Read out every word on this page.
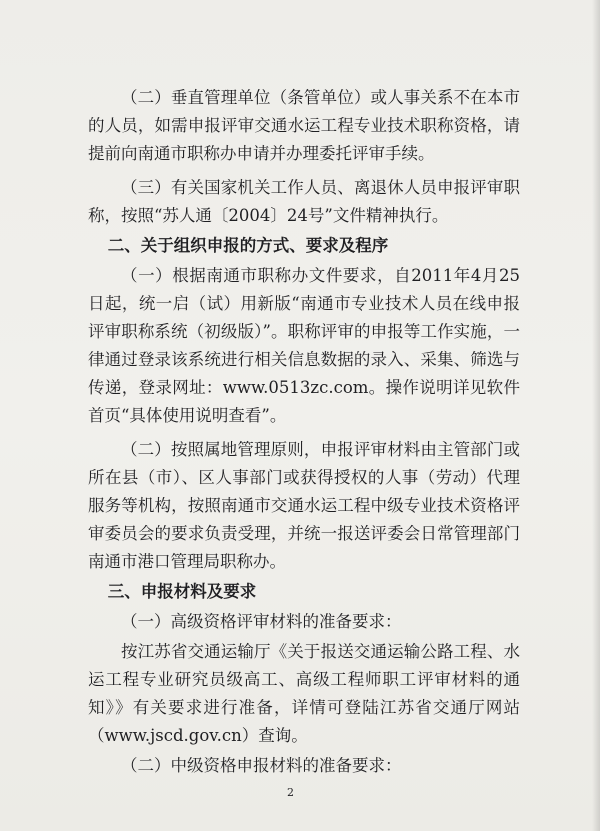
（二）垂直管理单位（条管单位）或人事关系不在本市的人员，如需申报评审交通水运工程专业技术职称资格，请提前向南通市职称办申请并办理委托评审手续。

（三）有关国家机关工作人员、离退休人员申报评审职称，按照“苏人通〔2004〕24号”文件精神执行。

二、关于组织申报的方式、要求及程序

（一）根据南通市职称办文件要求，自2011年4月25日起，统一启（试）用新版“南通市专业技术人员在线申报评审职称系统（初级版）”。职称评审的申报等工作实施，一律通过登录该系统进行相关信息数据的录入、采集、筛选与传递，登录网址：www.0513zc.com。操作说明详见软件首页“具体使用说明查看”。

（二）按照属地管理原则，申报评审材料由主管部门或所在县（市）、区人事部门或获得授权的人事（劳动）代理服务等机构，按照南通市交通水运工程中级专业技术资格评审委员会的要求负责受理，并统一报送评委会日常管理部门南通市港口管理局职称办。

三、申报材料及要求

（一）高级资格评审材料的准备要求：

按江苏省交通运输厅《关于报送交通运输公路工程、水运工程专业研究员级高工、高级工程师职工评审材料的通知》》有关要求进行准备，详情可登陆江苏省交通厅网站（www.jscd.gov.cn）查询。

（二）中级资格申报材料的准备要求：

2
